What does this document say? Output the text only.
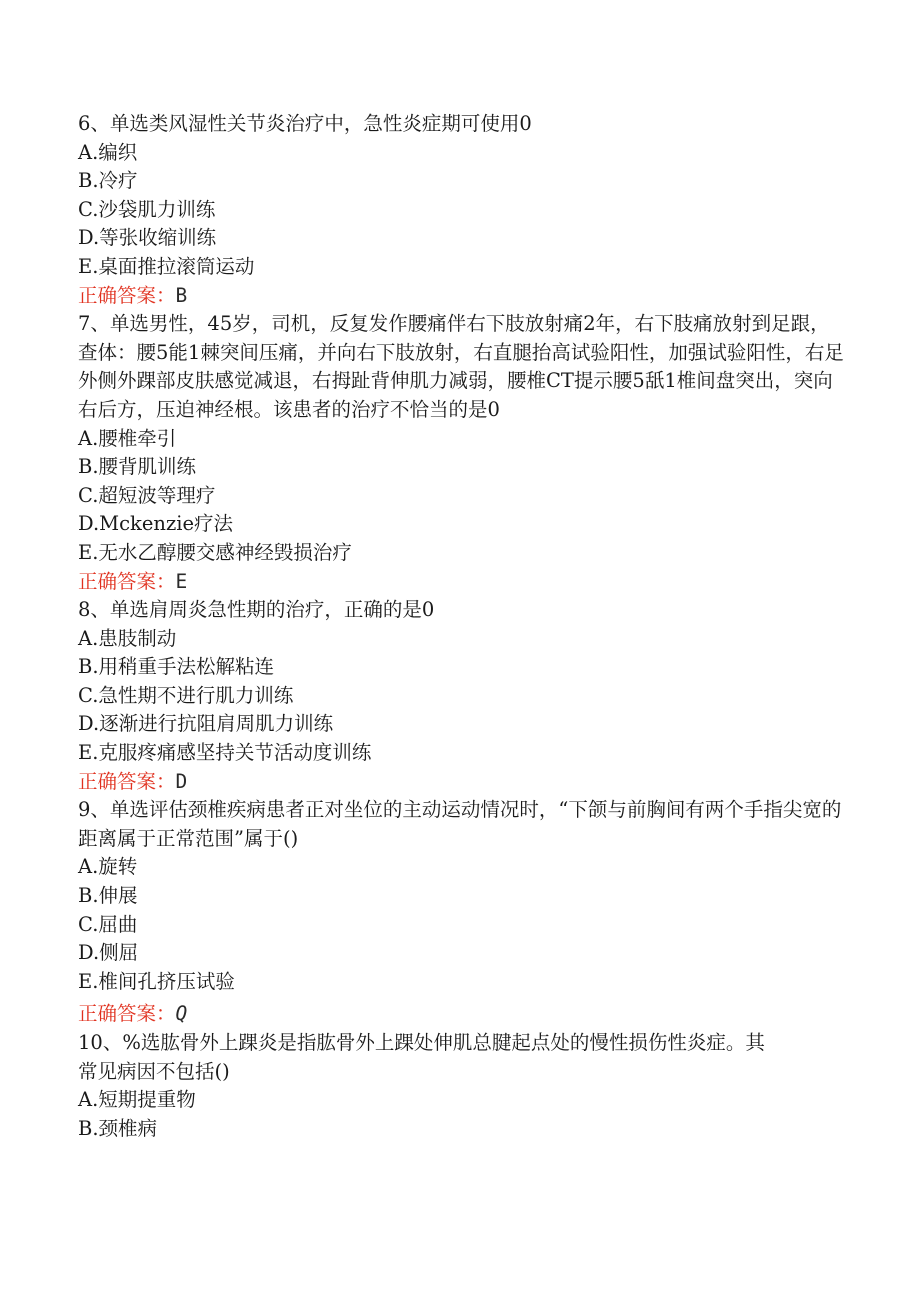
6、单选类风湿性关节炎治疗中，急性炎症期可使用0

A.编织

B.冷疗

C.沙袋肌力训练

D.等张收缩训练

E.桌面推拉滚筒运动

正确答案：B

7、单选男性，45岁，司机，反复发作腰痛伴右下肢放射痛2年，右下肢痛放射到足跟，查体：腰5能1棘突间压痛，并向右下肢放射，右直腿抬高试验阳性，加强试验阳性，右足外侧外踝部皮肤感觉减退，右拇趾背伸肌力减弱，腰椎CT提示腰5舐1椎间盘突出，突向右后方，压迫神经根。该患者的治疗不恰当的是0

A.腰椎牵引

B.腰背肌训练

C.超短波等理疗

D.Mckenzie疗法

E.无水乙醇腰交感神经毁损治疗

正确答案：E

8、单选肩周炎急性期的治疗，正确的是0

A.患肢制动

B.用稍重手法松解粘连

C.急性期不进行肌力训练

D.逐渐进行抗阻肩周肌力训练

E.克服疼痛感坚持关节活动度训练

正确答案：D

9、单选评估颈椎疾病患者正对坐位的主动运动情况时，“下颌与前胸间有两个手指尖宽的距离属于正常范围”属于()

A.旋转

B.伸展

C.屈曲

D.侧屈

E.椎间孔挤压试验

正确答案：Q

10、%选肱骨外上踝炎是指肱骨外上踝处伸肌总腱起点处的慢性损伤性炎症。其常见病因不包括()

A.短期提重物

B.颈椎病
